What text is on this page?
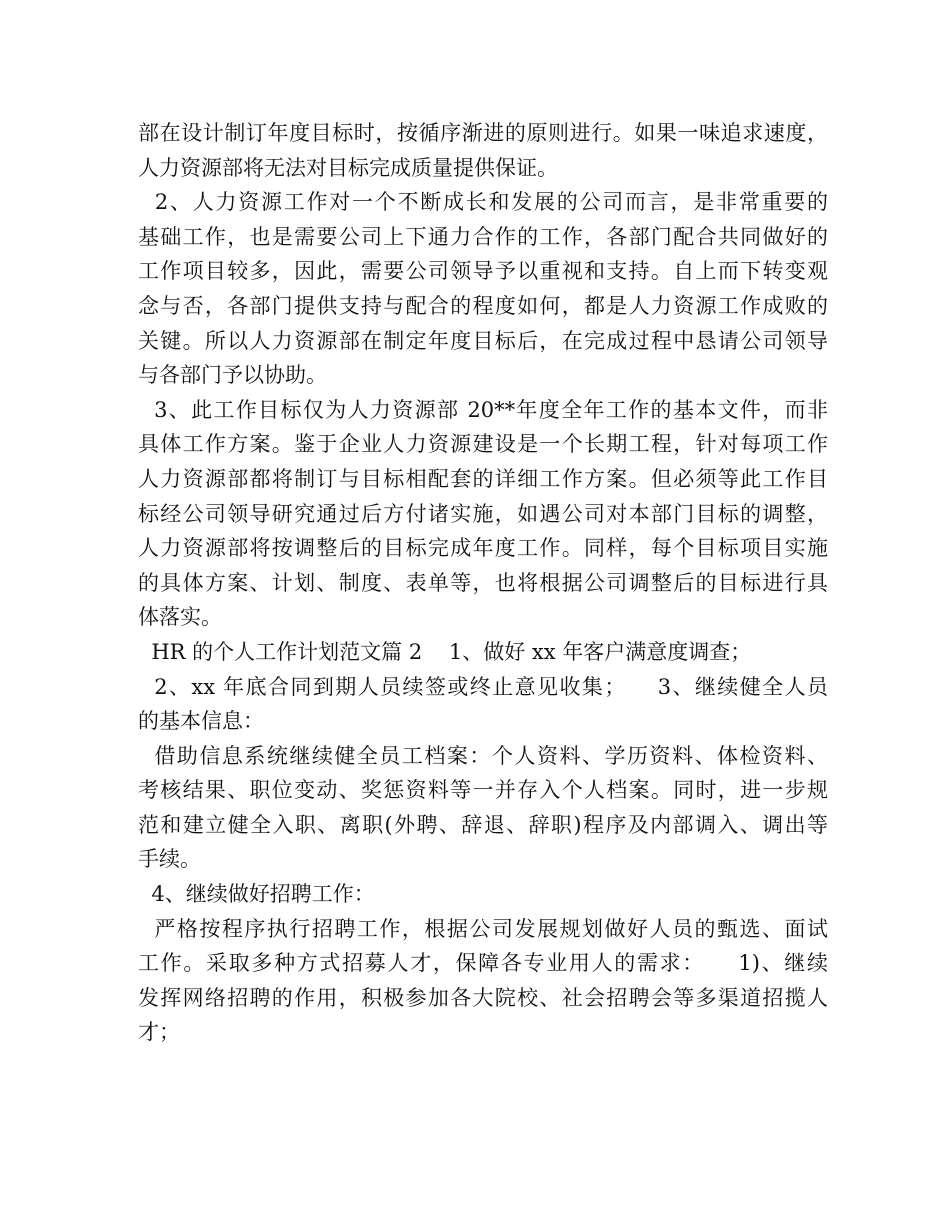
部在设计制订年度目标时，按循序渐进的原则进行。如果一味追求速度，
人力资源部将无法对目标完成质量提供保证。
2、人力资源工作对一个不断成长和发展的公司而言，是非常重要的
基础工作，也是需要公司上下通力合作的工作，各部门配合共同做好的
工作项目较多，因此，需要公司领导予以重视和支持。自上而下转变观
念与否，各部门提供支持与配合的程度如何，都是人力资源工作成败的
关键。所以人力资源部在制定年度目标后，在完成过程中恳请公司领导
与各部门予以协助。
3、此工作目标仅为人力资源部 20**年度全年工作的基本文件，而非
具体工作方案。鉴于企业人力资源建设是一个长期工程，针对每项工作
人力资源部都将制订与目标相配套的详细工作方案。但必须等此工作目
标经公司领导研究通过后方付诸实施，如遇公司对本部门目标的调整，
人力资源部将按调整后的目标完成年度工作。同样，每个目标项目实施
的具体方案、计划、制度、表单等，也将根据公司调整后的目标进行具
体落实。
HR 的个人工作计划范文篇 2    1、做好 xx 年客户满意度调查；
2、xx 年底合同到期人员续签或终止意见收集；    3、继续健全人员
的基本信息：
借助信息系统继续健全员工档案：个人资料、学历资料、体检资料、
考核结果、职位变动、奖惩资料等一并存入个人档案。同时，进一步规
范和建立健全入职、离职(外聘、辞退、辞职)程序及内部调入、调出等
手续。
4、继续做好招聘工作：
严格按程序执行招聘工作，根据公司发展规划做好人员的甄选、面试
工作。采取多种方式招募人才，保障各专业用人的需求：    1)、继续
发挥网络招聘的作用，积极参加各大院校、社会招聘会等多渠道招揽人
才；
